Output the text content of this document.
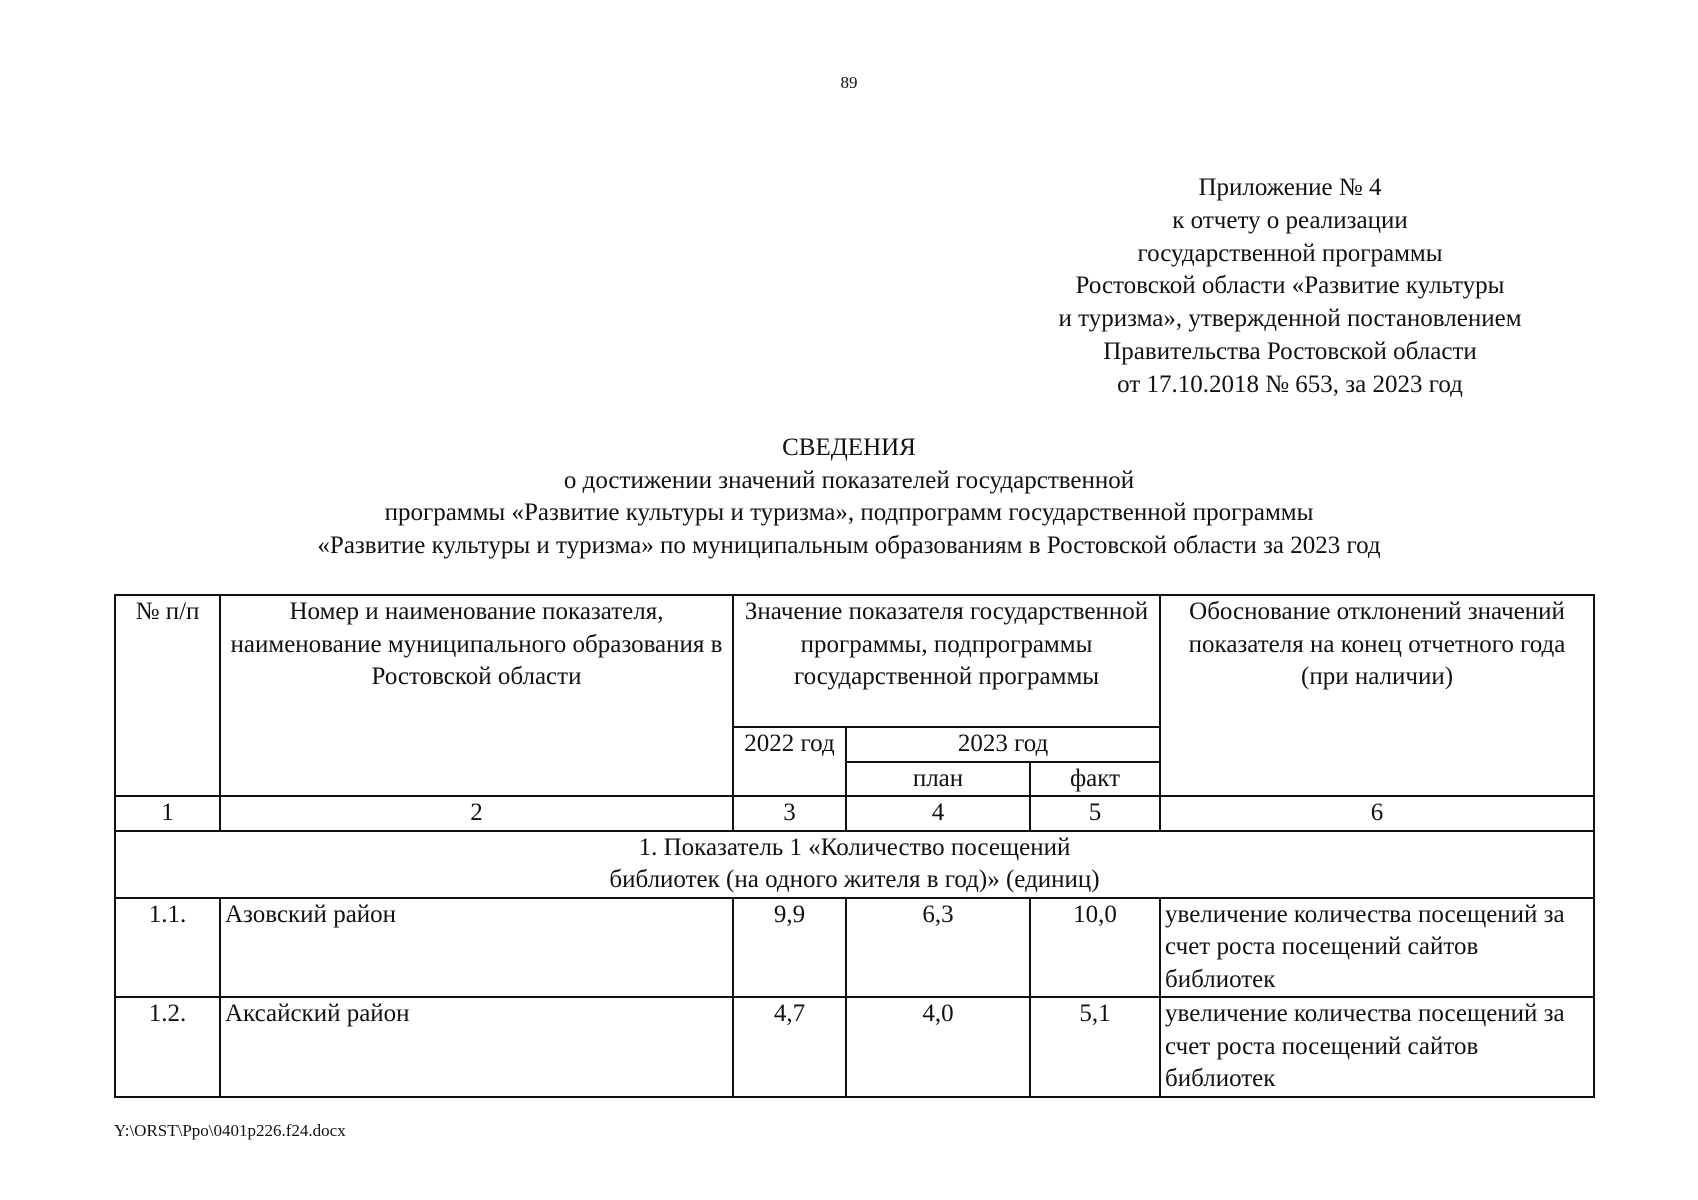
89
Приложение № 4
к отчету о реализации
государственной программы
Ростовской области «Развитие культуры
и туризма», утвержденной постановлением
Правительства Ростовской области
от 17.10.2018 № 653, за 2023 год
СВЕДЕНИЯ
о достижении значений показателей государственной
программы «Развитие культуры и туризма», подпрограмм государственной программы
«Развитие культуры и туризма» по муниципальным образованиям в Ростовской области за 2023 год
№ п/п	Номер и наименование показателя, наименование муниципального образования в Ростовской области	Значение показателя государственной программы, подпрограммы государственной программы			Обоснование отклонений значений показателя на конец отчетного года (при наличии)
		2022 год	2023 год		
			план	факт	
1	2	3	4	5	6

1. Показатель 1 «Количество посещений
библиотек (на одного жителя в год)» (единиц)					

1.1.	Азовский район	9,9	6,3	10,0	увеличение количества посещений за счет роста посещений сайтов библиотек
1.2.	Аксайский район	4,7	4,0	5,1	увеличение количества посещений за счет роста посещений сайтов библиотек
Y:\ORST\Ppo\0401p226.f24.docx
